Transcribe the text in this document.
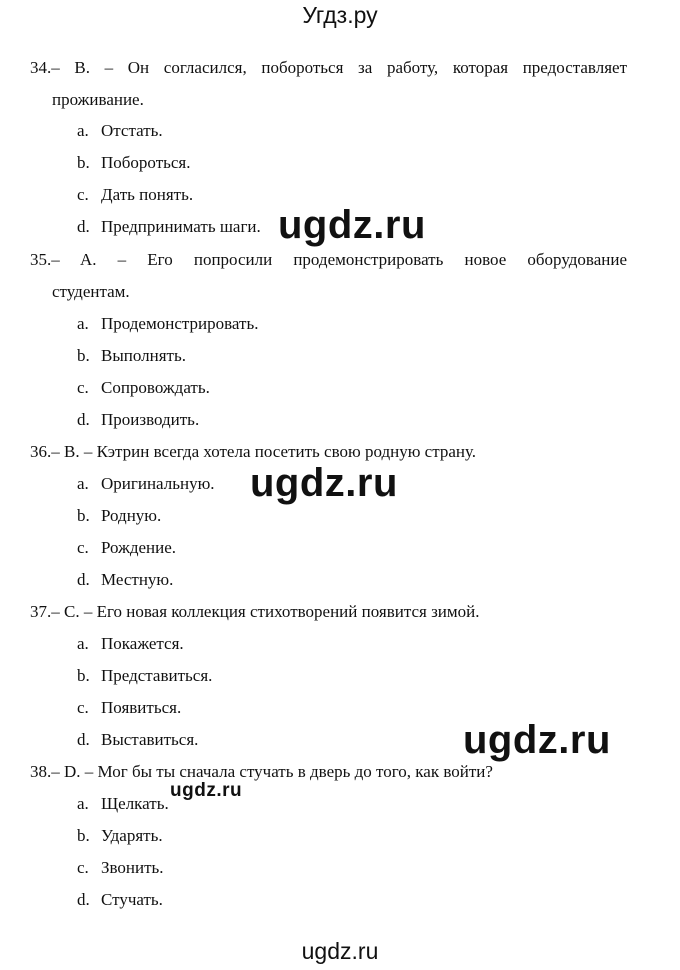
Угдз.ру
34.– B. – Он согласился, побороться за работу, которая предоставляет
проживание.
a. Отстать.
b. Побороться.
c. Дать понять.
d. Предпринимать шаги.
35.– A. – Его попросили продемонстрировать новое оборудование
студентам.
a. Продемонстрировать.
b. Выполнять.
c. Сопровождать.
d. Производить.
36.– B. – Кэтрин всегда хотела посетить свою родную страну.
a. Оригинальную.
b. Родную.
c. Рождение.
d. Местную.
37.– C. – Его новая коллекция стихотворений появится зимой.
a. Покажется.
b. Представиться.
c. Появиться.
d. Выставиться.
38.– D. – Мог бы ты сначала стучать в дверь до того, как войти?
a. Щелкать.
b. Ударять.
c. Звонить.
d. Стучать.
ugdz.ru
ugdz.ru
ugdz.ru
ugdz.ru
ugdz.ru
